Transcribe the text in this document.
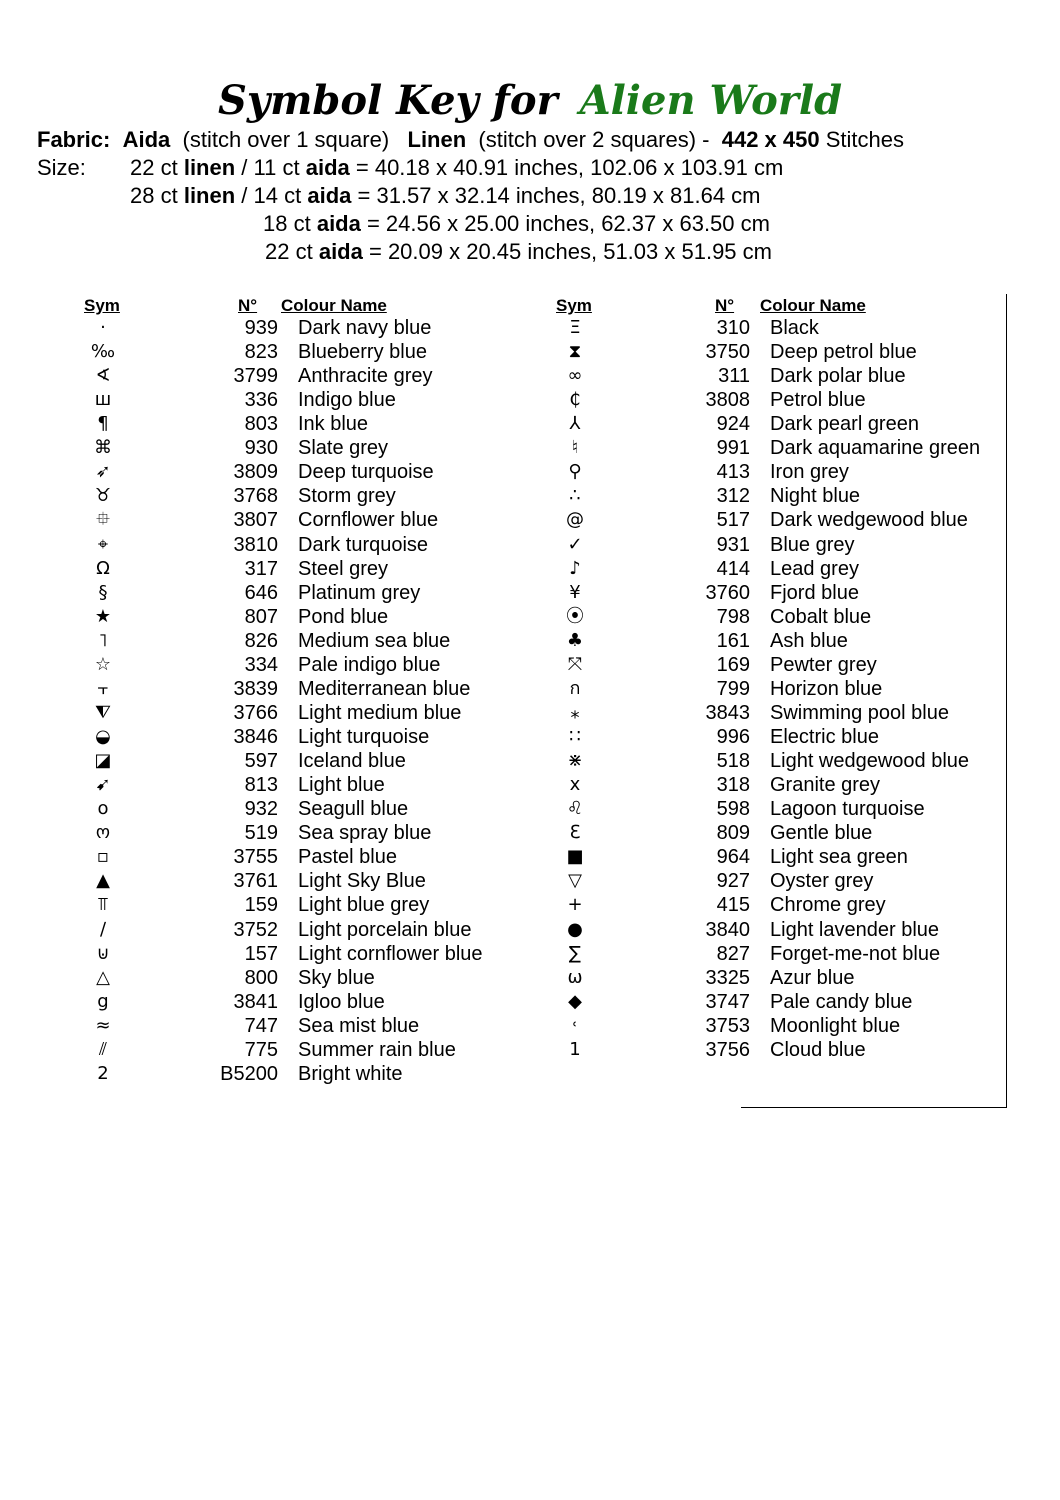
Symbol Key for Alien World
Fabric: Aida (stitch over 1 square) Linen (stitch over 2 squares) - 442 x 450 Stitches
Size: 22 ct linen / 11 ct aida = 40.18 x 40.91 inches, 102.06 x 103.91 cm
28 ct linen / 14 ct aida = 31.57 x 32.14 inches, 80.19 x 81.64 cm
18 ct aida = 24.56 x 25.00 inches, 62.37 x 63.50 cm
22 ct aida = 20.09 x 20.45 inches, 51.03 x 51.95 cm
Sym	N° Colour Name	Sym	N° Colour Name
·	939 Dark navy blue
‰	823 Blueberry blue
∢	3799 Anthracite grey
ш	336 Indigo blue
¶	803 Ink blue
⌘	930 Slate grey
➶	3809 Deep turquoise
♉	3768 Storm grey
⯐	3807 Cornflower blue
⌖	3810 Dark turquoise
Ω	317 Steel grey
§	646 Platinum grey
★	807 Pond blue
˥	826 Medium sea blue
☆	334 Pale indigo blue
⫟	3839 Mediterranean blue
⧨	3766 Light medium blue
◒	3846 Light turquoise
◪	597 Iceland blue
➹	813 Light blue
o	932 Seagull blue
ო	519 Sea spray blue
▫	3755 Pastel blue
▲	3761 Light Sky Blue
⫪	159 Light blue grey
∕	3752 Light porcelain blue
⊍	157 Light cornflower blue
△	800 Sky blue
g	3841 Igloo blue
≈	747 Sea mist blue
⫽	775 Summer rain blue
2	B5200 Bright white
Ξ	310 Black
⧗	3750 Deep petrol blue
∞	311 Dark polar blue
₵	3808 Petrol blue
⅄	924 Dark pearl green
♮	991 Dark aquamarine green
⚲	413 Iron grey
∴	312 Night blue
@	517 Dark wedgewood blue
✓	931 Blue grey
♪	414 Lead grey
¥	3760 Fjord blue
⦿	798 Cobalt blue
♣	161 Ash blue
⤧	169 Pewter grey
ก	799 Horizon blue
⁎	3843 Swimming pool blue
∷	996 Electric blue
⋇	518 Light wedgewood blue
x	318 Granite grey
♌	598 Lagoon turquoise
ℇ	809 Gentle blue
■	964 Light sea green
▽	927 Oyster grey
+	415 Chrome grey
●	3840 Light lavender blue
∑	827 Forget-me-not blue
ω	3325 Azur blue
◆	3747 Pale candy blue
˓	3753 Moonlight blue
1	3756 Cloud blue
